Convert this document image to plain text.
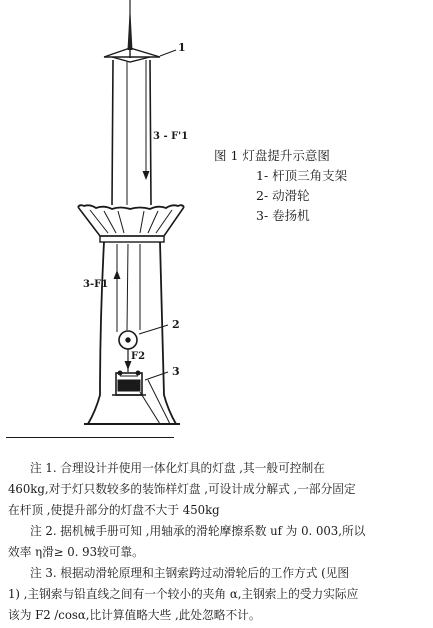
1
2
3
3 - F'1
3-F1
F2
图 1 灯盘提升示意图
1- 杆顶三角支架
2- 动滑轮
3- 卷扬机

注 1. 合理设计并使用一体化灯具的灯盘 ,其一般可控制在

460kg,对于灯只数较多的装饰样灯盘 ,可设计成分解式 ,一部分固定

在杆顶 ,使提升部分的灯盘不大于 450kg

注 2. 据机械手册可知 ,用轴承的滑轮摩擦系数 uf 为 0. 003,所以

效率 η滑≥ 0. 93较可靠。

注 3. 根据动滑轮原理和主钢索跨过动滑轮后的工作方式 (见图

1) ,主钢索与铅直线之间有一个较小的夹角 α,主钢索上的受力实际应

该为 F2 /cosα,比计算值略大些 ,此处忽略不计。
